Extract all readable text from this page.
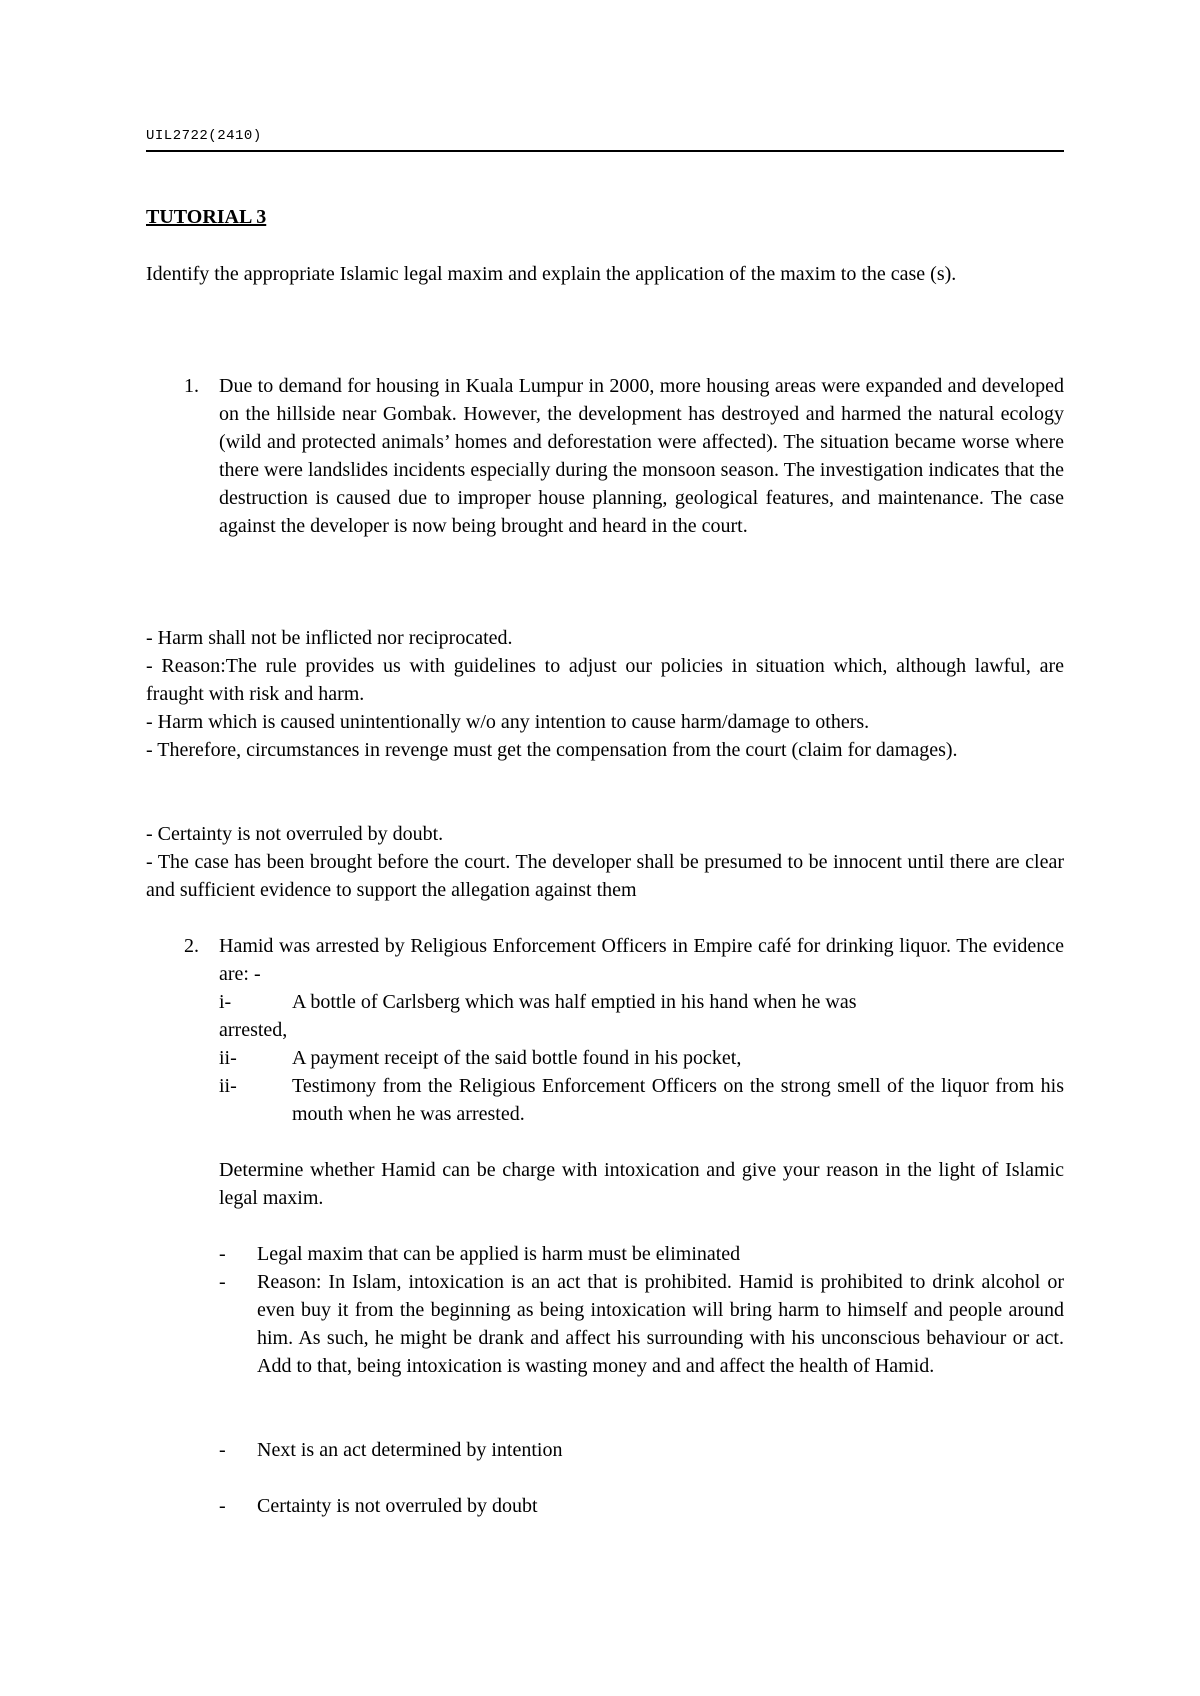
UIL2722(2410)
TUTORIAL 3

Identify the appropriate Islamic legal maxim and explain the application of the maxim to the case (s).

1. Due to demand for housing in Kuala Lumpur in 2000, more housing areas were expanded and developed on the hillside near Gombak. However, the development has destroyed and harmed the natural ecology (wild and protected animals’ homes and deforestation were affected). The situation became worse where there were landslides incidents especially during the monsoon season. The investigation indicates that the destruction is caused due to improper house planning, geological features, and maintenance. The case against the developer is now being brought and heard in the court.

- Harm shall not be inflicted nor reciprocated.

- Reason:The rule provides us with guidelines to adjust our policies in situation which, although lawful, are fraught with risk and harm.

- Harm which is caused unintentionally w/o any intention to cause harm/damage to others.

- Therefore, circumstances in revenge must get the compensation from the court (claim for damages).

- Certainty is not overruled by doubt.

- The case has been brought before the court. The developer shall be presumed to be innocent until there are clear and sufficient evidence to support the allegation against them

2. Hamid was arrested by Religious Enforcement Officers in Empire café for drinking liquor. The evidence are: -

i-	A bottle of Carlsberg which was half emptied in his hand when he was

arrested,

ii-	A payment receipt of the said bottle found in his pocket,

ii-	Testimony from the Religious Enforcement Officers on the strong smell of the liquor from his mouth when he was arrested.

Determine whether Hamid can be charge with intoxication and give your reason in the light of Islamic legal maxim.

- Legal maxim that can be applied is harm must be eliminated

- Reason: In Islam, intoxication is an act that is prohibited. Hamid is prohibited to drink alcohol or even buy it from the beginning as being intoxication will bring harm to himself and people around him. As such, he might be drank and affect his surrounding with his unconscious behaviour or act. Add to that, being intoxication is wasting money and and affect the health of Hamid.

- Next is an act determined by intention

- Certainty is not overruled by doubt
